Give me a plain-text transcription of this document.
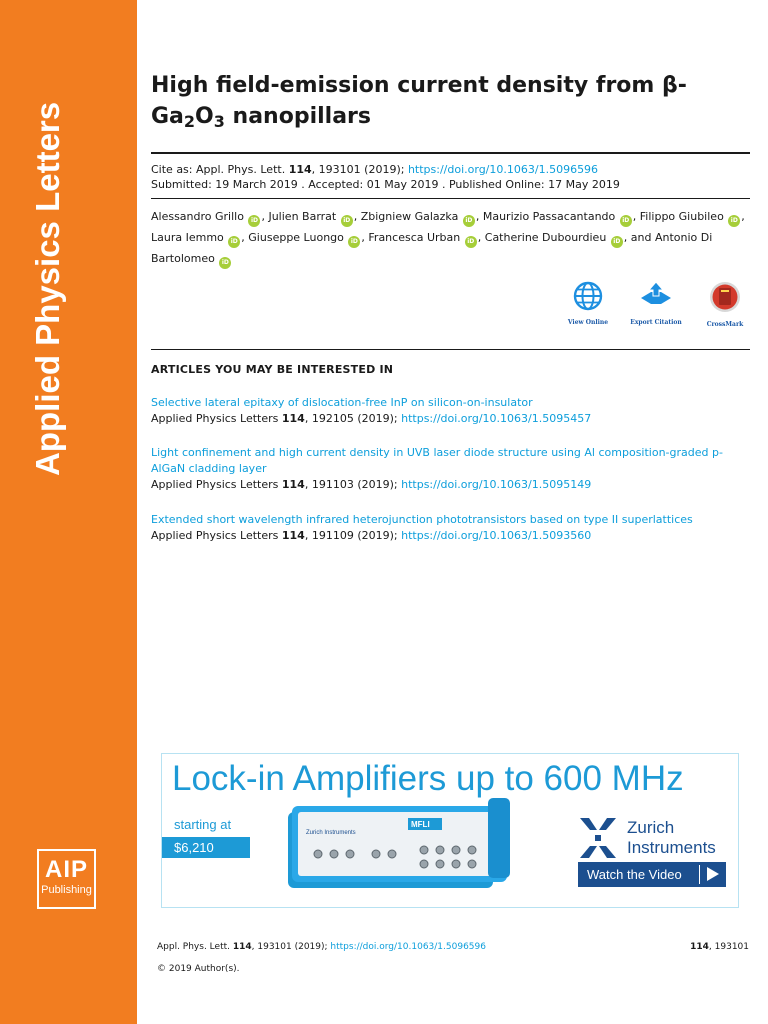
Applied Physics Letters
AIP
Publishing
High field-emission current density from $\beta-Ga_2O_3$ nanopillars
Cite as: Appl. Phys. Lett. 114, 193101 (2019); https://doi.org/10.1063/1.5096596
Submitted: 19 March 2019 . Accepted: 01 May 2019 . Published Online: 17 May 2019
Alessandro Grillo iD , Julien Barrat iD , Zbigniew Galazka iD , Maurizio Passacantando iD , Filippo Giubileo iD , Laura Iemmo iD , Giuseppe Luongo iD , Francesca Urban iD , Catherine Dubourdieu iD , and Antonio Di Bartolomeo iD
View Online	Export Citation	CrossMark
ARTICLES YOU MAY BE INTERESTED IN
Selective lateral epitaxy of dislocation-free InP on silicon-on-insulator
Applied Physics Letters 114, 192105 (2019); https://doi.org/10.1063/1.5095457
Light confinement and high current density in UVB laser diode structure using Al composition-graded p-AlGaN cladding layer
Applied Physics Letters 114, 191103 (2019); https://doi.org/10.1063/1.5095149
Extended short wavelength infrared heterojunction phototransistors based on type II superlattices
Applied Physics Letters 114, 191109 (2019); https://doi.org/10.1063/1.5093560
Lock-in Amplifiers up to 600 MHz
starting at
$6,210
Zurich Instruments
MFLI	Zurich
Instruments
Watch the Video
Appl. Phys. Lett. 114, 193101 (2019); https://doi.org/10.1063/1.5096596	114, 193101
© 2019 Author(s).
